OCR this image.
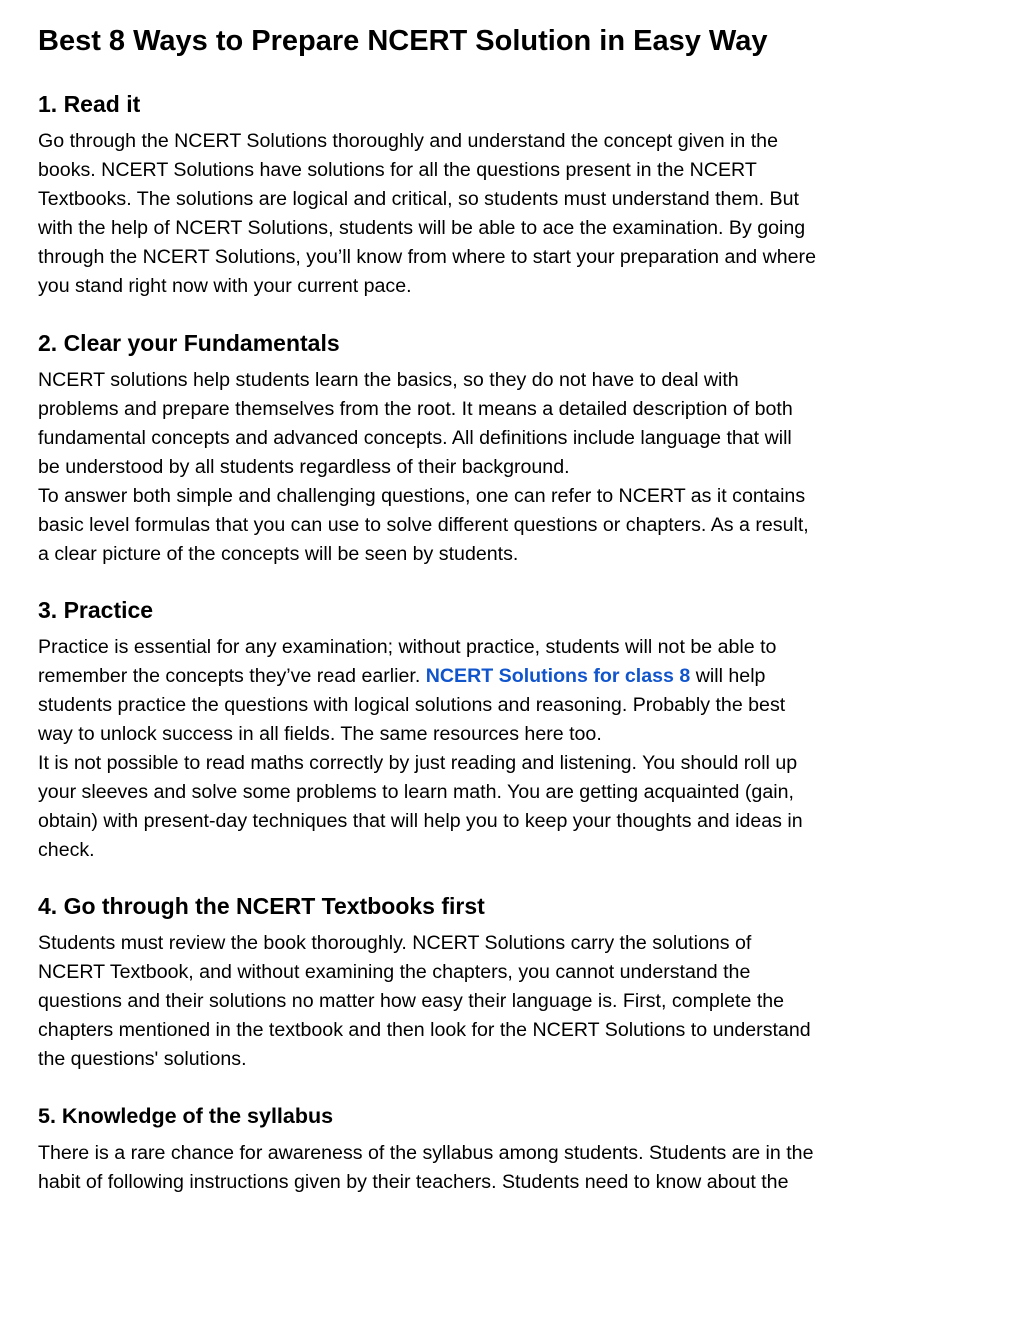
Best 8 Ways to Prepare NCERT Solution in Easy Way
1. Read it

Go through the NCERT Solutions thoroughly and understand the concept given in the
books. NCERT Solutions have solutions for all the questions present in the NCERT
Textbooks. The solutions are logical and critical, so students must understand them. But
with the help of NCERT Solutions, students will be able to ace the examination. By going
through the NCERT Solutions, you’ll know from where to start your preparation and where
you stand right now with your current pace.

2. Clear your Fundamentals

NCERT solutions help students learn the basics, so they do not have to deal with
problems and prepare themselves from the root. It means a detailed description of both
fundamental concepts and advanced concepts. All definitions include language that will
be understood by all students regardless of their background.
To answer both simple and challenging questions, one can refer to NCERT as it contains
basic level formulas that you can use to solve different questions or chapters. As a result,
a clear picture of the concepts will be seen by students.

3. Practice

Practice is essential for any examination; without practice, students will not be able to
remember the concepts they’ve read earlier. NCERT Solutions for class 8 will help
students practice the questions with logical solutions and reasoning. Probably the best
way to unlock success in all fields. The same resources here too.
It is not possible to read maths correctly by just reading and listening. You should roll up
your sleeves and solve some problems to learn math. You are getting acquainted (gain,
obtain) with present-day techniques that will help you to keep your thoughts and ideas in
check.

4. Go through the NCERT Textbooks first

Students must review the book thoroughly. NCERT Solutions carry the solutions of
NCERT Textbook, and without examining the chapters, you cannot understand the
questions and their solutions no matter how easy their language is. First, complete the
chapters mentioned in the textbook and then look for the NCERT Solutions to understand
the questions' solutions.

5. Knowledge of the syllabus

There is a rare chance for awareness of the syllabus among students. Students are in the
habit of following instructions given by their teachers. Students need to know about the
